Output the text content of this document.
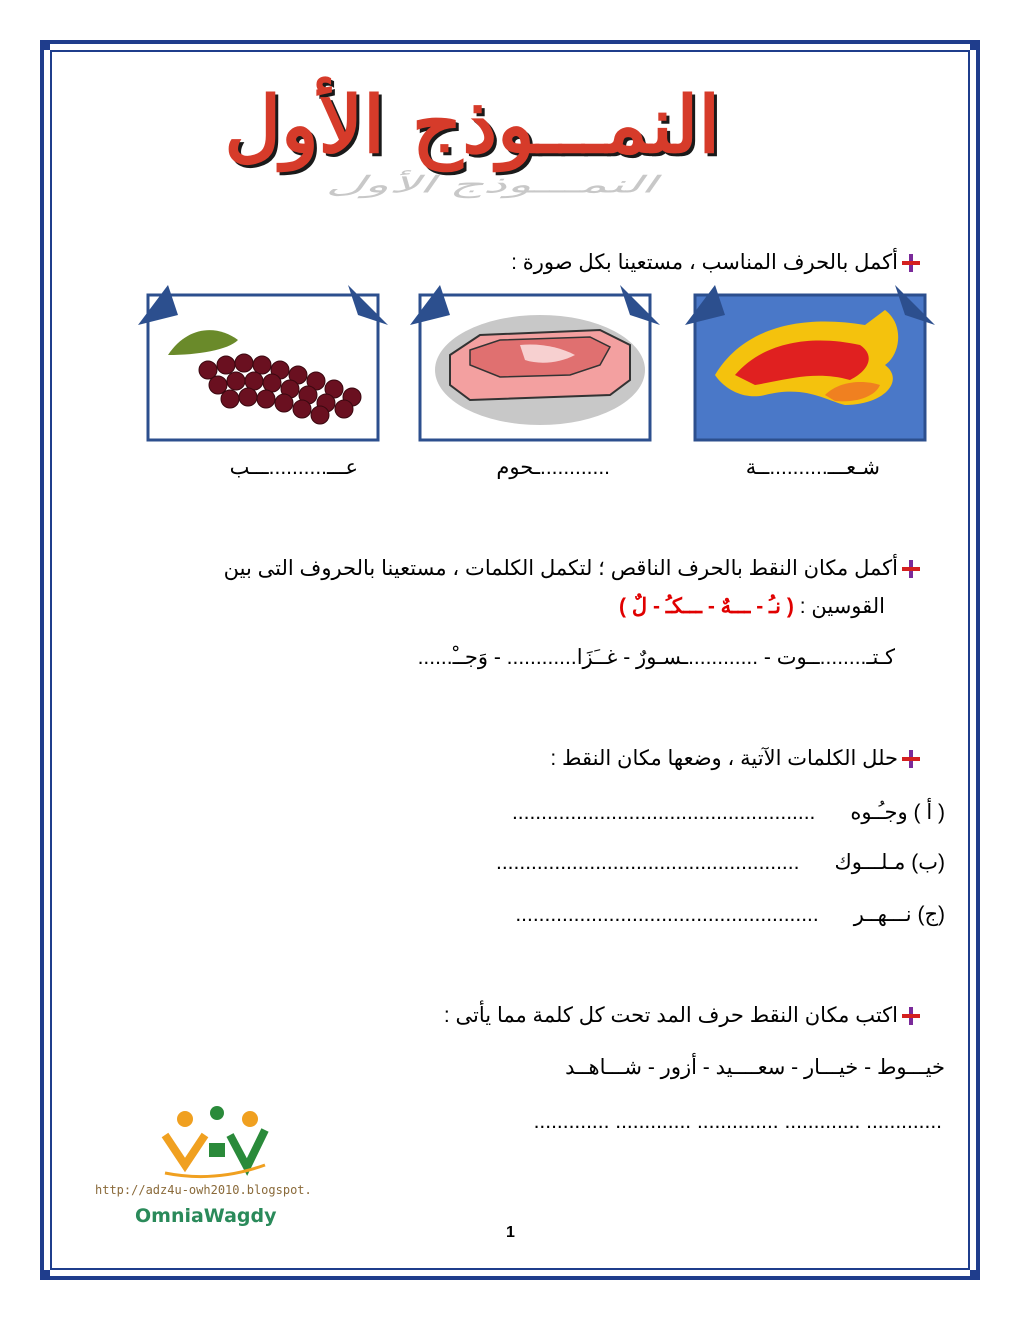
النمـــوذج الأول
النمـــوذج الأول
أكمل بالحرف المناسب ، مستعينا بكل صورة :
شـعـــ..........ــة
............ـحوم
عـــ..........ـــب
أكمل مكان النقط بالحرف الناقص ؛ لتكمل الكلمات ، مستعينا بالحروف التى بين
القوسين : ( نـُ - ـــهٌ - ـــكـُ - لٌ )
كـتـ........ــوت - ............ـسـورٌ - غــَزَا............ - وَجــْ......
حلل الكلمات الآتية ، وضعها مكان النقط :
( أ ) وجـُـوه      ....................................................
(ب) مـلـــوك      ....................................................
(ج) نـــهــر      ....................................................
اكتب مكان النقط حرف المد تحت كل كلمة مما يأتى :
خيـــوط - خيـــار - سعــــيد - أزور - شـــاهــد
............. ............. .............. ............. .............
http://adz4u-owh2010.blogspot.
OmniaWagdy
1
